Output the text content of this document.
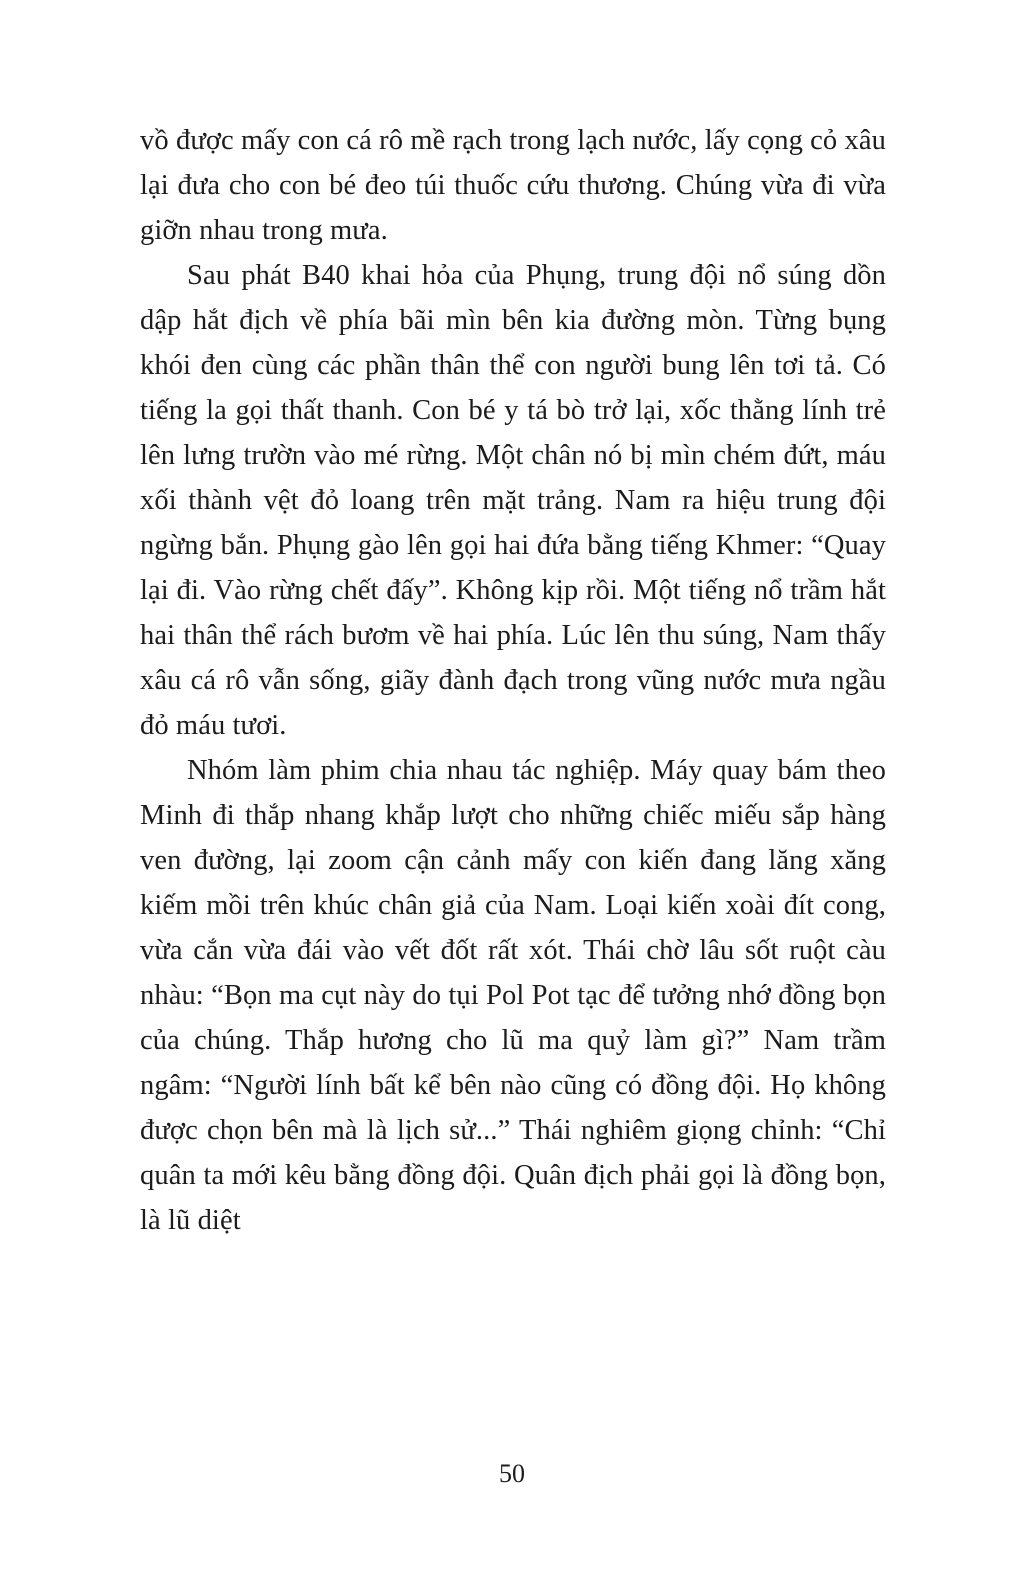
vồ được mấy con cá rô mề rạch trong lạch nước, lấy cọng cỏ xâu lại đưa cho con bé đeo túi thuốc cứu thương. Chúng vừa đi vừa giỡn nhau trong mưa.

Sau phát B40 khai hỏa của Phụng, trung đội nổ súng dồn dập hắt địch về phía bãi mìn bên kia đường mòn. Từng bụng khói đen cùng các phần thân thể con người bung lên tơi tả. Có tiếng la gọi thất thanh. Con bé y tá bò trở lại, xốc thằng lính trẻ lên lưng trườn vào mé rừng. Một chân nó bị mìn chém đứt, máu xối thành vệt đỏ loang trên mặt trảng. Nam ra hiệu trung đội ngừng bắn. Phụng gào lên gọi hai đứa bằng tiếng Khmer: “Quay lại đi. Vào rừng chết đấy”. Không kịp rồi. Một tiếng nổ trầm hắt hai thân thể rách bươm về hai phía. Lúc lên thu súng, Nam thấy xâu cá rô vẫn sống, giãy đành đạch trong vũng nước mưa ngầu đỏ máu tươi.

Nhóm làm phim chia nhau tác nghiệp. Máy quay bám theo Minh đi thắp nhang khắp lượt cho những chiếc miếu sắp hàng ven đường, lại zoom cận cảnh mấy con kiến đang lăng xăng kiếm mồi trên khúc chân giả của Nam. Loại kiến xoài đít cong, vừa cắn vừa đái vào vết đốt rất xót. Thái chờ lâu sốt ruột càu nhàu: “Bọn ma cụt này do tụi Pol Pot tạc để tưởng nhớ đồng bọn của chúng. Thắp hương cho lũ ma quỷ làm gì?” Nam trầm ngâm: “Người lính bất kể bên nào cũng có đồng đội. Họ không được chọn bên mà là lịch sử...” Thái nghiêm giọng chỉnh: “Chỉ quân ta mới kêu bằng đồng đội. Quân địch phải gọi là đồng bọn, là lũ diệt

50
